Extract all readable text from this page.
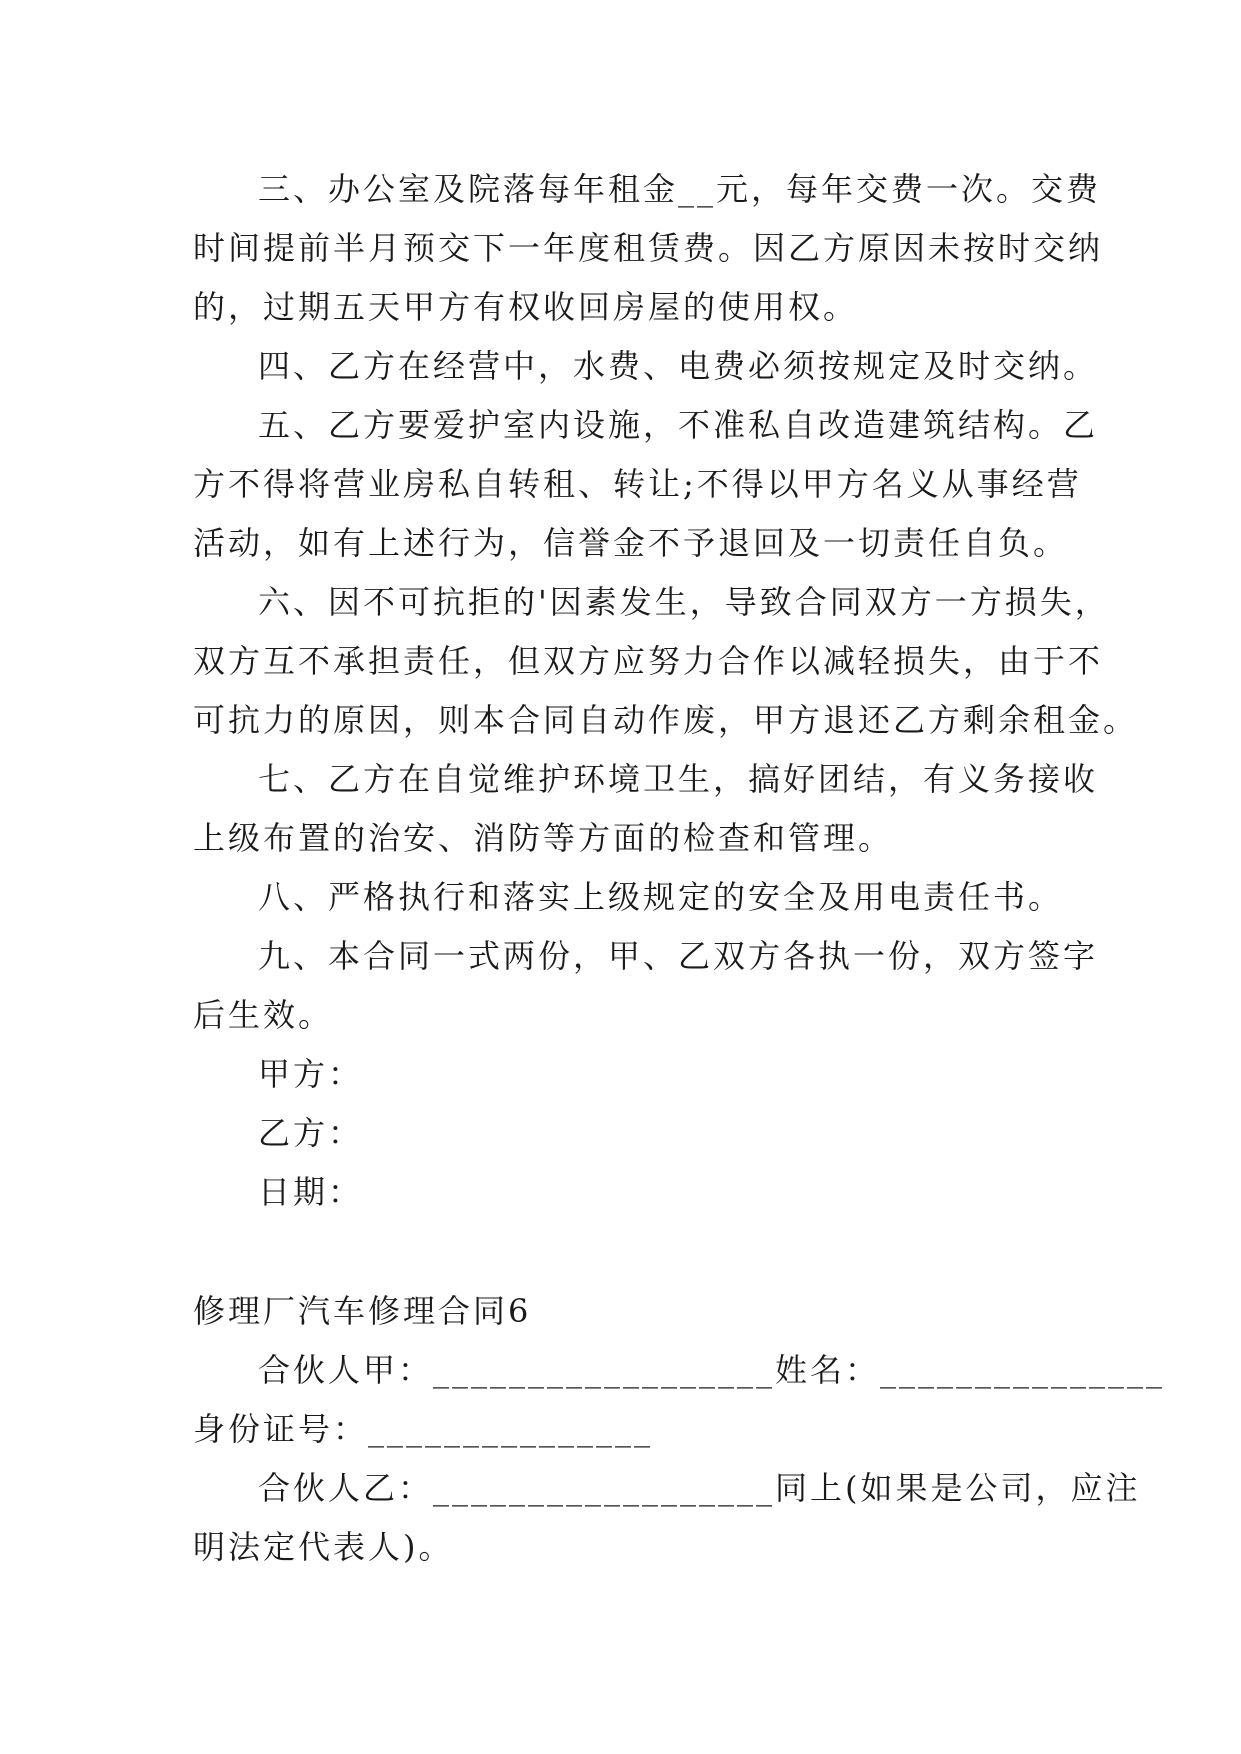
三、办公室及院落每年租金__元，每年交费一次。交费
时间提前半月预交下一年度租赁费。因乙方原因未按时交纳
的，过期五天甲方有权收回房屋的使用权。
四、乙方在经营中，水费、电费必须按规定及时交纳。
五、乙方要爱护室内设施，不准私自改造建筑结构。乙
方不得将营业房私自转租、转让;不得以甲方名义从事经营
活动，如有上述行为，信誉金不予退回及一切责任自负。
六、因不可抗拒的'因素发生，导致合同双方一方损失，
双方互不承担责任，但双方应努力合作以减轻损失，由于不
可抗力的原因，则本合同自动作废，甲方退还乙方剩余租金。
七、乙方在自觉维护环境卫生，搞好团结，有义务接收
上级布置的治安、消防等方面的检查和管理。
八、严格执行和落实上级规定的安全及用电责任书。
九、本合同一式两份，甲、乙双方各执一份，双方签字
后生效。
甲方：
乙方：
日期：
修理厂汽车修理合同6
合伙人甲：__________________姓名：_______________
身份证号：_______________
合伙人乙：__________________同上(如果是公司，应注
明法定代表人)。
